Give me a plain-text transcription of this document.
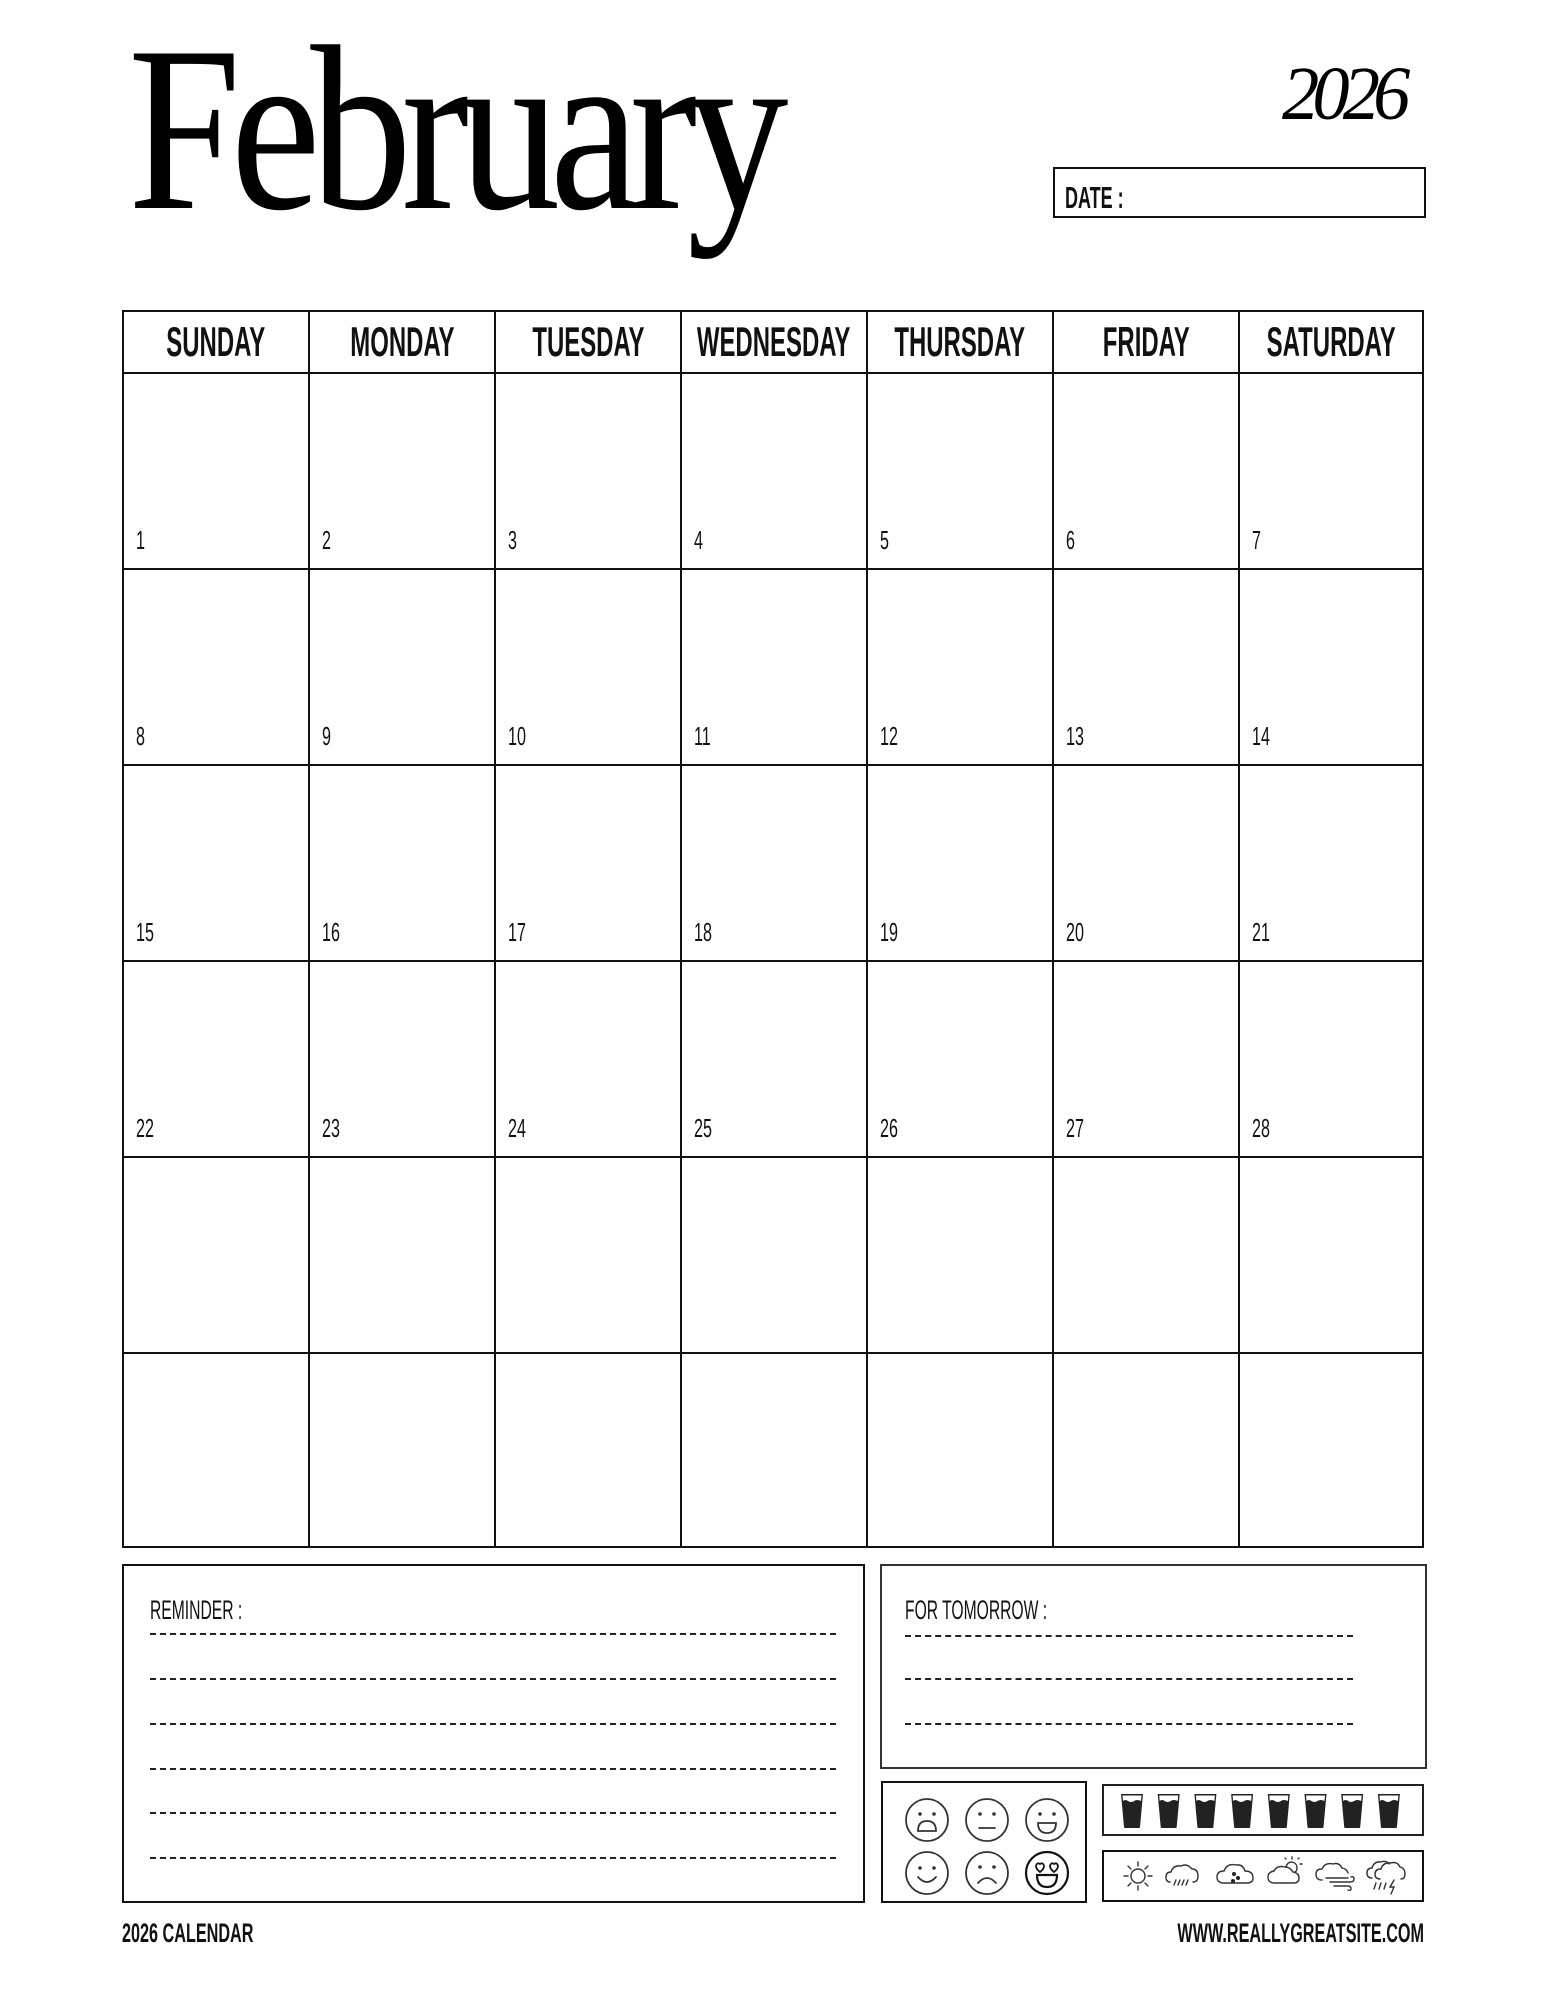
February	2026
DATE :
SUNDAY MONDAY TUESDAY WEDNESDAY THURSDAY FRIDAY SATURDAY
1	2	3	4	5	6	7
8	9	10	11	12	13	14
15	16	17	18	19	20	21
22	23	24	25	26	27	28
REMINDER :	FOR TOMORROW :
2026 CALENDAR	WWW.REALLYGREATSITE.COM
